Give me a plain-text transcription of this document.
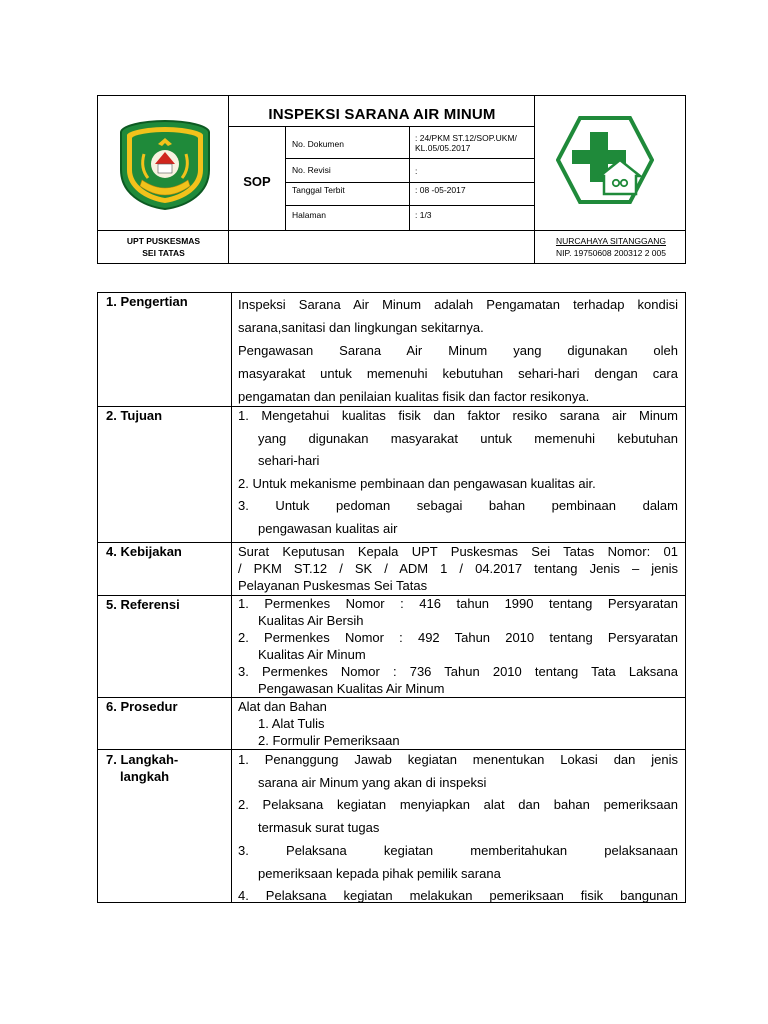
INSPEKSI SARANA AIR MINUM
SOP
No. Dokumen
: 24/PKM ST.12/SOP.UKM/
KL.05/05.2017
No. Revisi	:
Tanggal Terbit	: 08 -05-2017
Halaman	: 1/3
UPT PUSKESMAS
SEI TATAS
NURCAHAYA SITANGGANG
NIP. 19750608 200312 2 005
1. Pengertian	Inspeksi Sarana Air Minum adalah Pengamatan terhadap kondisi

sarana,sanitasi dan lingkungan sekitarnya.

Pengawasan Sarana Air Minum yang digunakan oleh

masyarakat untuk memenuhi kebutuhan sehari-hari dengan cara

pengamatan dan penilaian kualitas fisik dan factor resikonya.

2. Tujuan	1. Mengetahui kualitas fisik dan faktor resiko sarana air Minum

yang digunakan masyarakat untuk memenuhi kebutuhan

sehari-hari

2. Untuk mekanisme pembinaan dan pengawasan kualitas air.

3. Untuk pedoman sebagai bahan pembinaan dalam

pengawasan kualitas air

4. Kebijakan	Surat Keputusan Kepala UPT Puskesmas Sei Tatas Nomor: 01

/ PKM ST.12 / SK / ADM 1 / 04.2017 tentang Jenis – jenis

Pelayanan Puskesmas Sei Tatas

5. Referensi	1. Permenkes Nomor : 416 tahun 1990 tentang Persyaratan

Kualitas Air Bersih

2. Permenkes Nomor : 492 Tahun 2010 tentang Persyaratan

Kualitas Air Minum

3. Permenkes Nomor : 736 Tahun 2010 tentang Tata Laksana

Pengawasan Kualitas Air Minum

6. Prosedur	Alat dan Bahan

1. Alat Tulis

2. Formulir Pemeriksaan

7. Langkah-
langkah

1. Penanggung Jawab kegiatan menentukan Lokasi dan jenis

sarana air Minum yang akan di inspeksi

2. Pelaksana kegiatan menyiapkan alat dan bahan pemeriksaan

termasuk surat tugas

3. Pelaksana kegiatan memberitahukan pelaksanaan

pemeriksaan kepada pihak pemilik sarana

4. Pelaksana kegiatan melakukan pemeriksaan fisik bangunan
